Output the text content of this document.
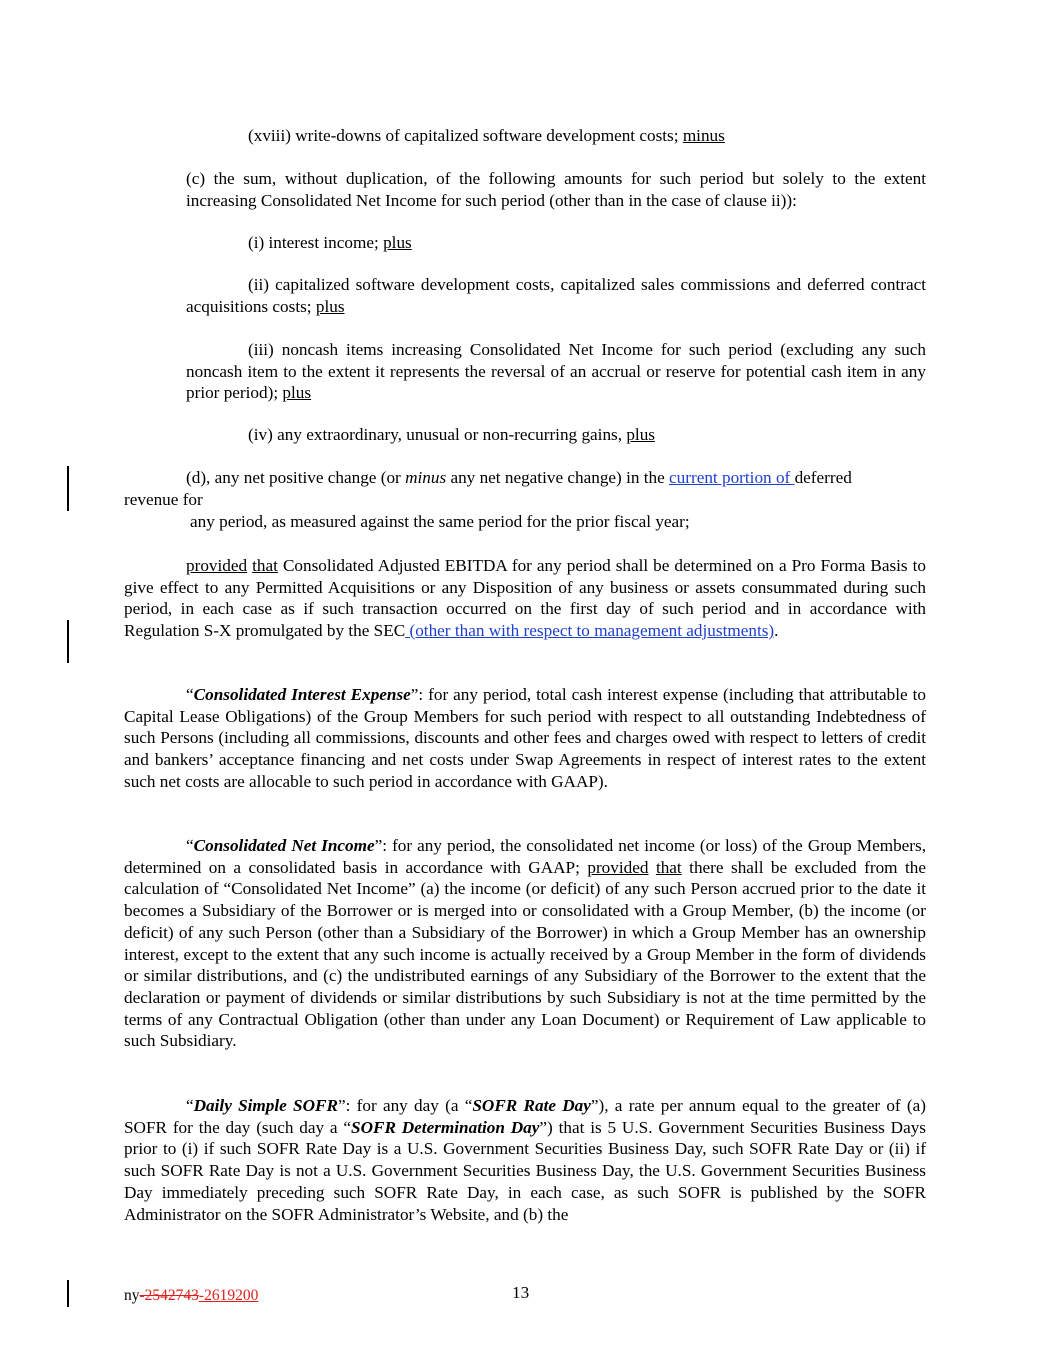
(xviii) write-downs of capitalized software development costs; minus

(c) the sum, without duplication, of the following amounts for such period but solely to the extent increasing Consolidated Net Income for such period (other than in the case of clause ii)):

(i) interest income; plus

(ii) capitalized software development costs, capitalized sales commissions and deferred contract acquisitions costs; plus

(iii) noncash items increasing Consolidated Net Income for such period (excluding any such noncash item to the extent it represents the reversal of an accrual or reserve for potential cash item in any prior period); plus

(iv) any extraordinary, unusual or non-recurring gains, plus

(d), any net positive change (or minus any net negative change) in the current portion of deferred

revenue for

any period, as measured against the same period for the prior fiscal year;

provided that Consolidated Adjusted EBITDA for any period shall be determined on a Pro Forma Basis to give effect to any Permitted Acquisitions or any Disposition of any business or assets consummated during such period, in each case as if such transaction occurred on the first day of such period and in accordance with Regulation S-X promulgated by the SEC (other than with respect to management adjustments).

“Consolidated Interest Expense”: for any period, total cash interest expense (including that attributable to Capital Lease Obligations) of the Group Members for such period with respect to all outstanding Indebtedness of such Persons (including all commissions, discounts and other fees and charges owed with respect to letters of credit and bankers’ acceptance financing and net costs under Swap Agreements in respect of interest rates to the extent such net costs are allocable to such period in accordance with GAAP).

“Consolidated Net Income”: for any period, the consolidated net income (or loss) of the Group Members, determined on a consolidated basis in accordance with GAAP; provided that there shall be excluded from the calculation of “Consolidated Net Income” (a) the income (or deficit) of any such Person accrued prior to the date it becomes a Subsidiary of the Borrower or is merged into or consolidated with a Group Member, (b) the income (or deficit) of any such Person (other than a Subsidiary of the Borrower) in which a Group Member has an ownership interest, except to the extent that any such income is actually received by a Group Member in the form of dividends or similar distributions, and (c) the undistributed earnings of any Subsidiary of the Borrower to the extent that the declaration or payment of dividends or similar distributions by such Subsidiary is not at the time permitted by the terms of any Contractual Obligation (other than under any Loan Document) or Requirement of Law applicable to such Subsidiary.

“Daily Simple SOFR”: for any day (a “SOFR Rate Day”), a rate per annum equal to the greater of (a) SOFR for the day (such day a “SOFR Determination Day”) that is 5 U.S. Government Securities Business Days prior to (i) if such SOFR Rate Day is a U.S. Government Securities Business Day, such SOFR Rate Day or (ii) if such SOFR Rate Day is not a U.S. Government Securities Business Day, the U.S. Government Securities Business Day immediately preceding such SOFR Rate Day, in each case, as such SOFR is published by the SOFR Administrator on the SOFR Administrator’s Website, and (b) the

ny-2542743-2619200	13
